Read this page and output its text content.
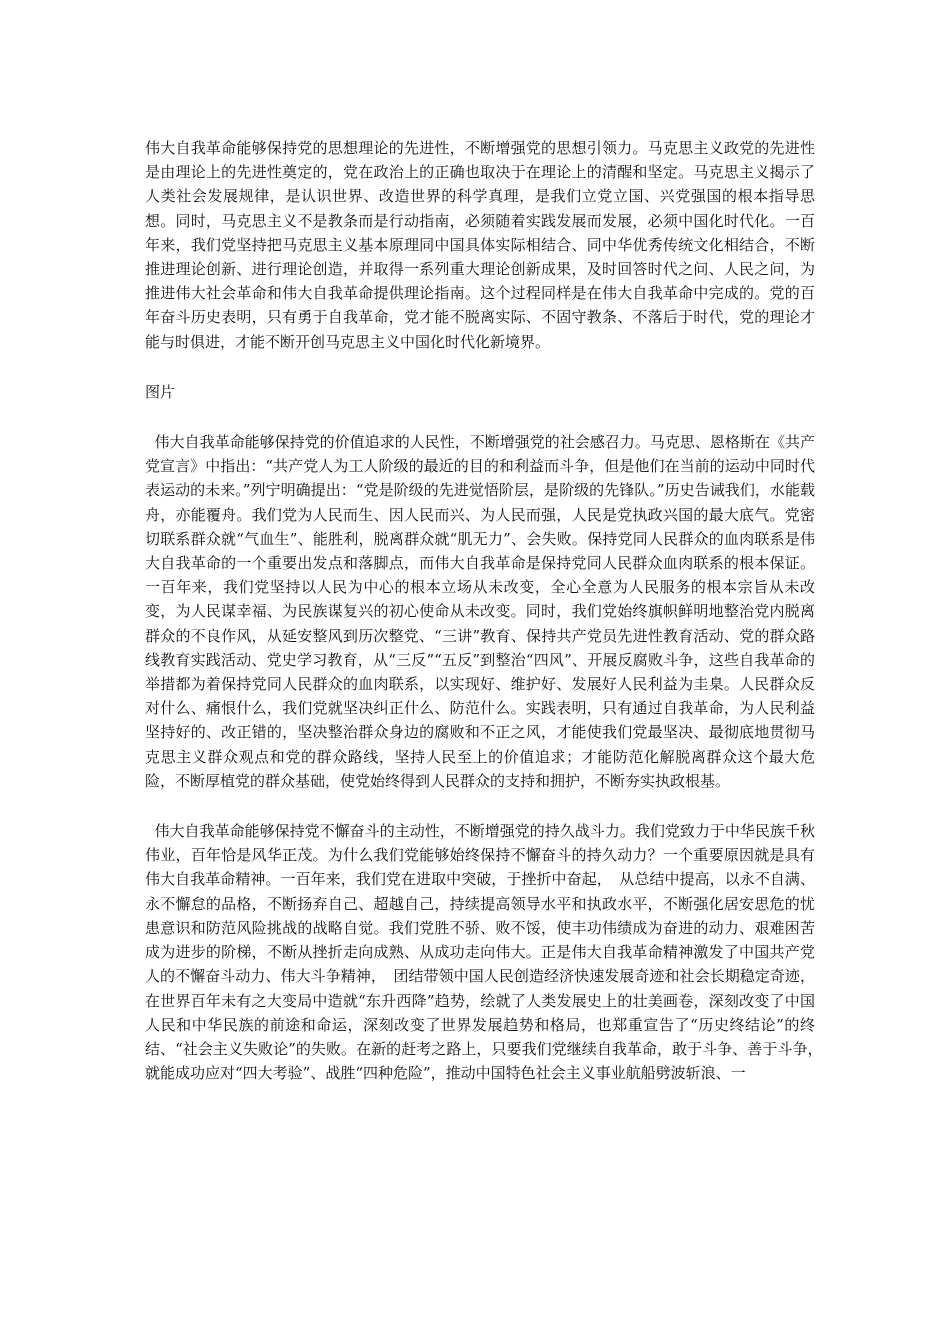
伟大自我革命能够保持党的思想理论的先进性，不断增强党的思想引领力。马克思主义政党的先进性是由理论上的先进性奠定的，党在政治上的正确也取决于在理论上的清醒和坚定。马克思主义揭示了人类社会发展规律，是认识世界、改造世界的科学真理，是我们立党立国、兴党强国的根本指导思想。同时，马克思主义不是教条而是行动指南，必须随着实践发展而发展，必须中国化时代化。一百年来，我们党坚持把马克思主义基本原理同中国具体实际相结合、同中华优秀传统文化相结合，不断推进理论创新、进行理论创造，并取得一系列重大理论创新成果，及时回答时代之问、人民之问，为推进伟大社会革命和伟大自我革命提供理论指南。这个过程同样是在伟大自我革命中完成的。党的百年奋斗历史表明，只有勇于自我革命，党才能不脱离实际、不固守教条、不落后于时代，党的理论才能与时俱进，才能不断开创马克思主义中国化时代化新境界。

图片

伟大自我革命能够保持党的价值追求的人民性，不断增强党的社会感召力。马克思、恩格斯在《共产党宣言》中指出：“共产党人为工人阶级的最近的目的和利益而斗争，但是他们在当前的运动中同时代表运动的未来。”列宁明确提出：“党是阶级的先进觉悟阶层，是阶级的先锋队。”历史告诫我们，水能载舟，亦能覆舟。我们党为人民而生、因人民而兴、为人民而强，人民是党执政兴国的最大底气。党密切联系群众就“气血生”、能胜利，脱离群众就“肌无力”、会失败。保持党同人民群众的血肉联系是伟大自我革命的一个重要出发点和落脚点，而伟大自我革命是保持党同人民群众血肉联系的根本保证。一百年来，我们党坚持以人民为中心的根本立场从未改变，全心全意为人民服务的根本宗旨从未改变，为人民谋幸福、为民族谋复兴的初心使命从未改变。同时，我们党始终旗帜鲜明地整治党内脱离群众的不良作风，从延安整风到历次整党、“三讲”教育、保持共产党员先进性教育活动、党的群众路线教育实践活动、党史学习教育，从“三反”“五反”到整治“四风”、开展反腐败斗争，这些自我革命的举措都为着保持党同人民群众的血肉联系，以实现好、维护好、发展好人民利益为圭臬。人民群众反对什么、痛恨什么，我们党就坚决纠正什么、防范什么。实践表明，只有通过自我革命，为人民利益坚持好的、改正错的，坚决整治群众身边的腐败和不正之风，才能使我们党最坚决、最彻底地贯彻马克思主义群众观点和党的群众路线，坚持人民至上的价值追求；才能防范化解脱离群众这个最大危险，不断厚植党的群众基础，使党始终得到人民群众的支持和拥护，不断夯实执政根基。

伟大自我革命能够保持党不懈奋斗的主动性，不断增强党的持久战斗力。我们党致力于中华民族千秋伟业，百年恰是风华正茂。为什么我们党能够始终保持不懈奋斗的持久动力？一个重要原因就是具有伟大自我革命精神。一百年来，我们党在进取中突破，于挫折中奋起，　从总结中提高，以永不自满、永不懈怠的品格，不断扬弃自己、超越自己，持续提高领导水平和执政水平，不断强化居安思危的忧患意识和防范风险挑战的战略自觉。我们党胜不骄、败不馁，使丰功伟绩成为奋进的动力、艰难困苦成为进步的阶梯，不断从挫折走向成熟、从成功走向伟大。正是伟大自我革命精神激发了中国共产党人的不懈奋斗动力、伟大斗争精神，　团结带领中国人民创造经济快速发展奇迹和社会长期稳定奇迹，在世界百年未有之大变局中造就“东升西降”趋势，绘就了人类发展史上的壮美画卷，深刻改变了中国人民和中华民族的前途和命运，深刻改变了世界发展趋势和格局，也郑重宣告了“历史终结论”的终结、“社会主义失败论”的失败。在新的赶考之路上，只要我们党继续自我革命，敢于斗争、善于斗争，　就能成功应对“四大考验”、战胜“四种危险”，推动中国特色社会主义事业航船劈波斩浪、一
